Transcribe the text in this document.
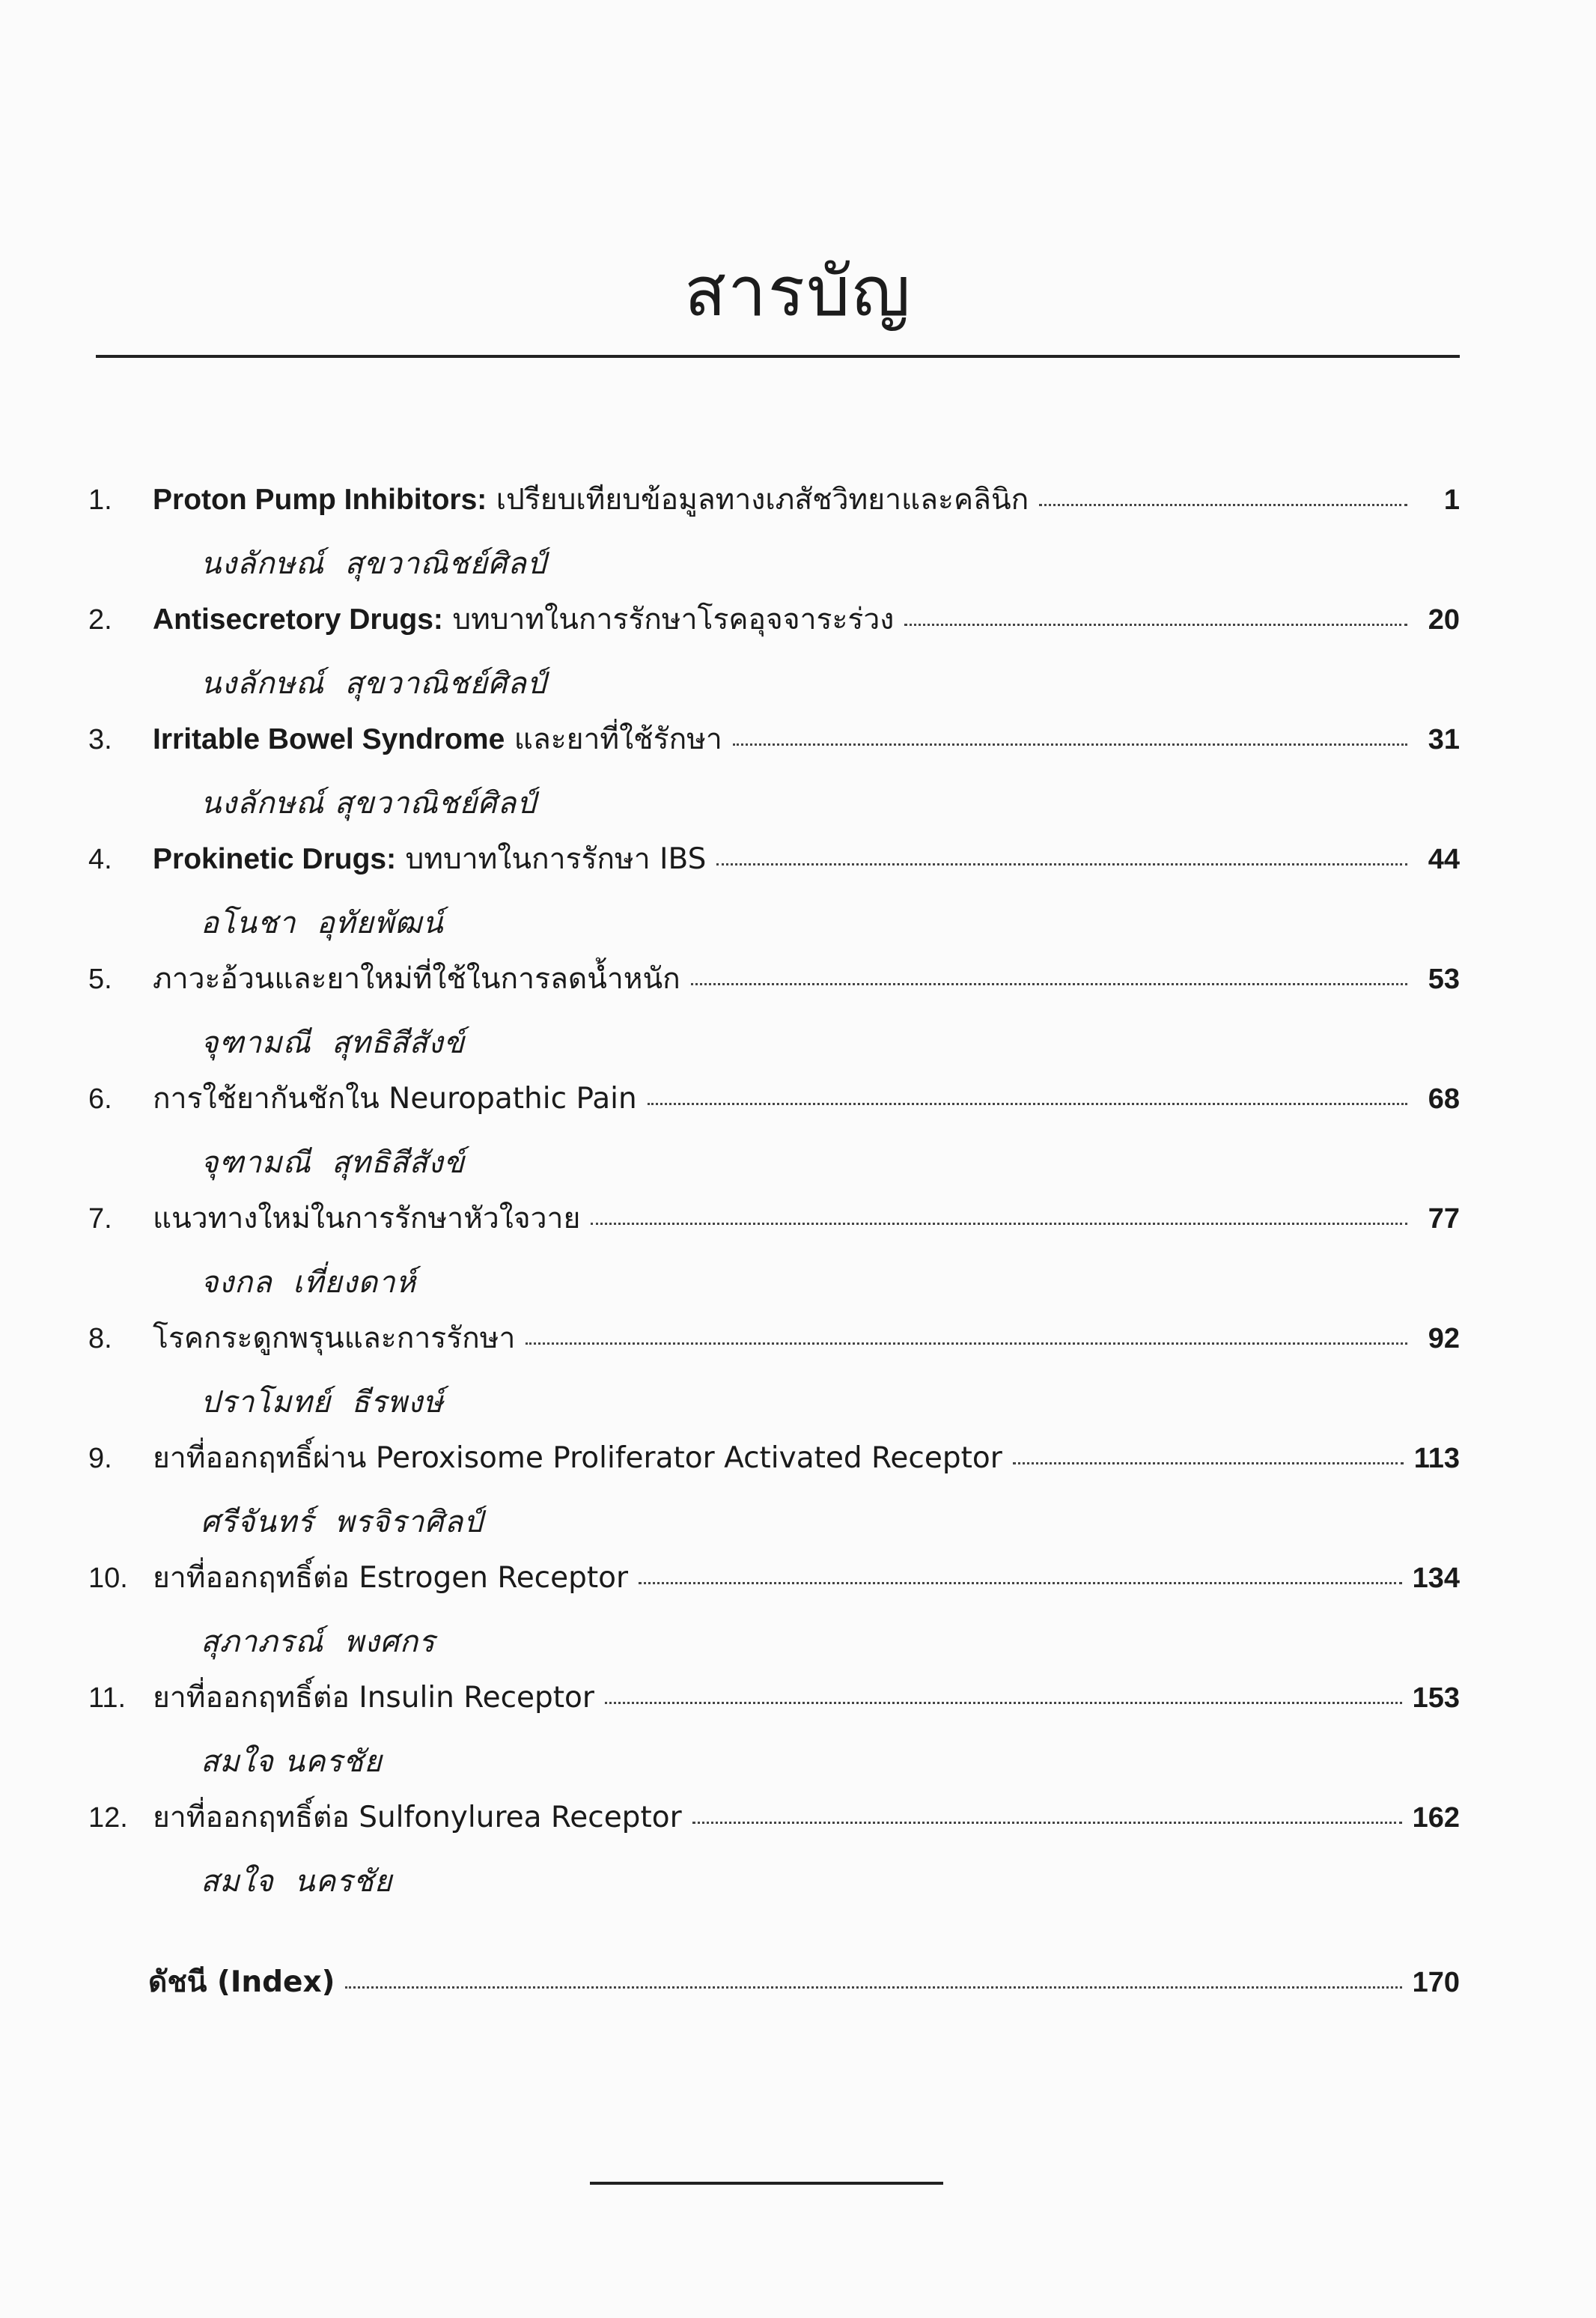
สารบัญ
1.	Proton Pump Inhibitors: เปรียบเทียบข้อมูลทางเภสัชวิทยาและคลินิก	1
นงลักษณ์  สุขวาณิชย์ศิลป์
2.	Antisecretory Drugs: บทบาทในการรักษาโรคอุจจาระร่วง	20
นงลักษณ์  สุขวาณิชย์ศิลป์
3.	Irritable Bowel Syndrome และยาที่ใช้รักษา	31
นงลักษณ์ สุขวาณิชย์ศิลป์
4.	Prokinetic Drugs: บทบาทในการรักษา IBS	44
อโนชา  อุทัยพัฒน์
5.	ภาวะอ้วนและยาใหม่ที่ใช้ในการลดน้ำหนัก	53
จุฑามณี  สุทธิสีสังข์
6.	การใช้ยากันชักใน Neuropathic Pain	68
จุฑามณี  สุทธิสีสังข์
7.	แนวทางใหม่ในการรักษาหัวใจวาย	77
จงกล  เที่ยงดาห์
8.	โรคกระดูกพรุนและการรักษา	92
ปราโมทย์  ธีรพงษ์
9.	ยาที่ออกฤทธิ์ผ่าน Peroxisome Proliferator Activated Receptor	113
ศรีจันทร์  พรจิราศิลป์
10. ยาที่ออกฤทธิ์ต่อ Estrogen Receptor	134
สุภาภรณ์  พงศกร
11. ยาที่ออกฤทธิ์ต่อ Insulin Receptor	153
สมใจ นครชัย
12. ยาที่ออกฤทธิ์ต่อ Sulfonylurea Receptor	162
สมใจ  นครชัย
ดัชนี (Index)	170
